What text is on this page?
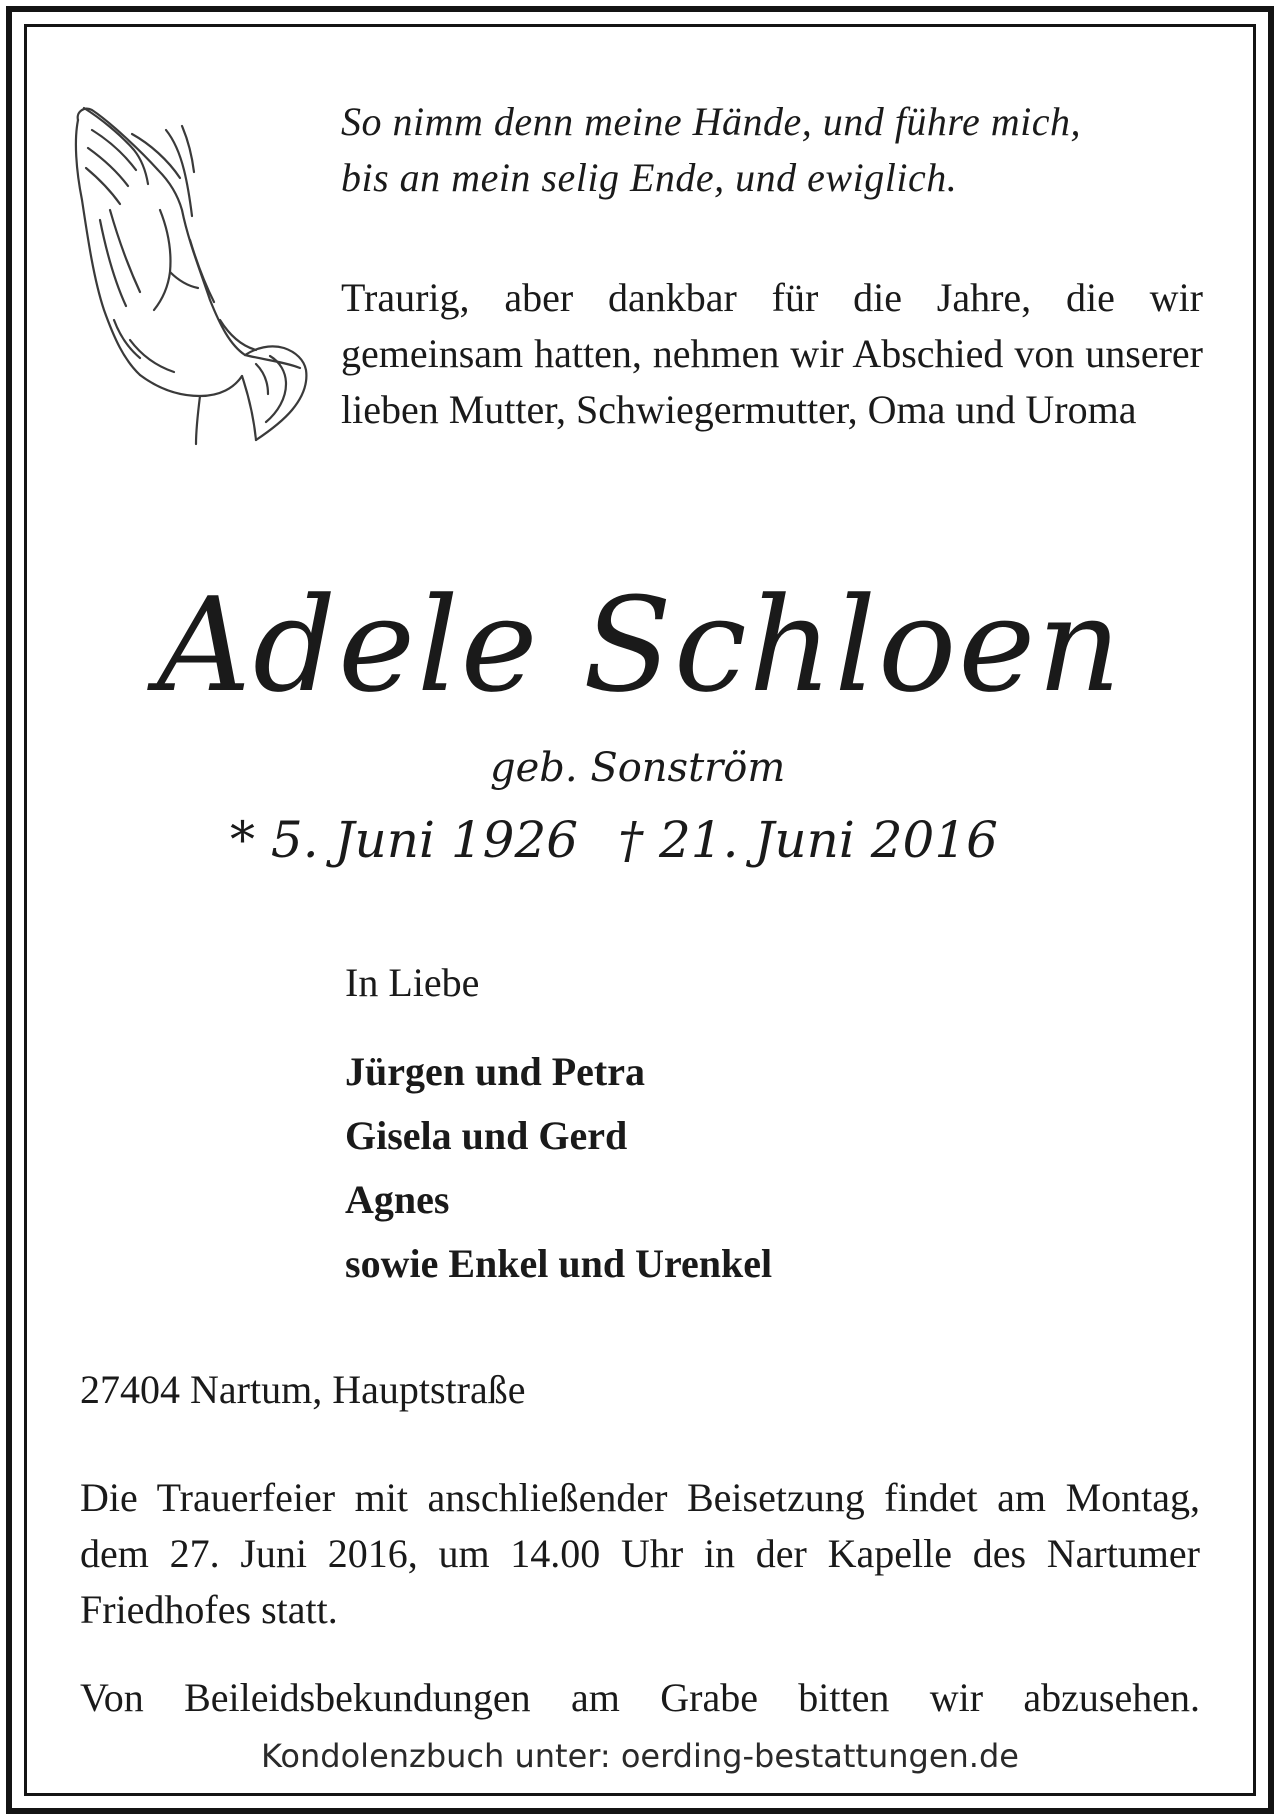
So nimm denn meine Hände, und führe mich,
bis an mein selig Ende, und ewiglich.
Traurig, aber dankbar für die Jahre, die wir gemeinsam hatten, nehmen wir Abschied von unserer lieben Mutter, Schwiegermutter, Oma und Uroma
Adele Schloen
geb. Sonström
* 5. Juni 1926 † 21. Juni 2016
In Liebe
Jürgen und Petra
Gisela und Gerd
Agnes
sowie Enkel und Urenkel
27404 Nartum, Hauptstraße
Die Trauerfeier mit anschließender Beisetzung findet am Montag, dem 27. Juni 2016, um 14.00 Uhr in der Kapelle des Nartumer Friedhofes statt.
Von Beileidsbekundungen am Grabe bitten wir abzusehen.
Kondolenzbuch unter: oerding-bestattungen.de
